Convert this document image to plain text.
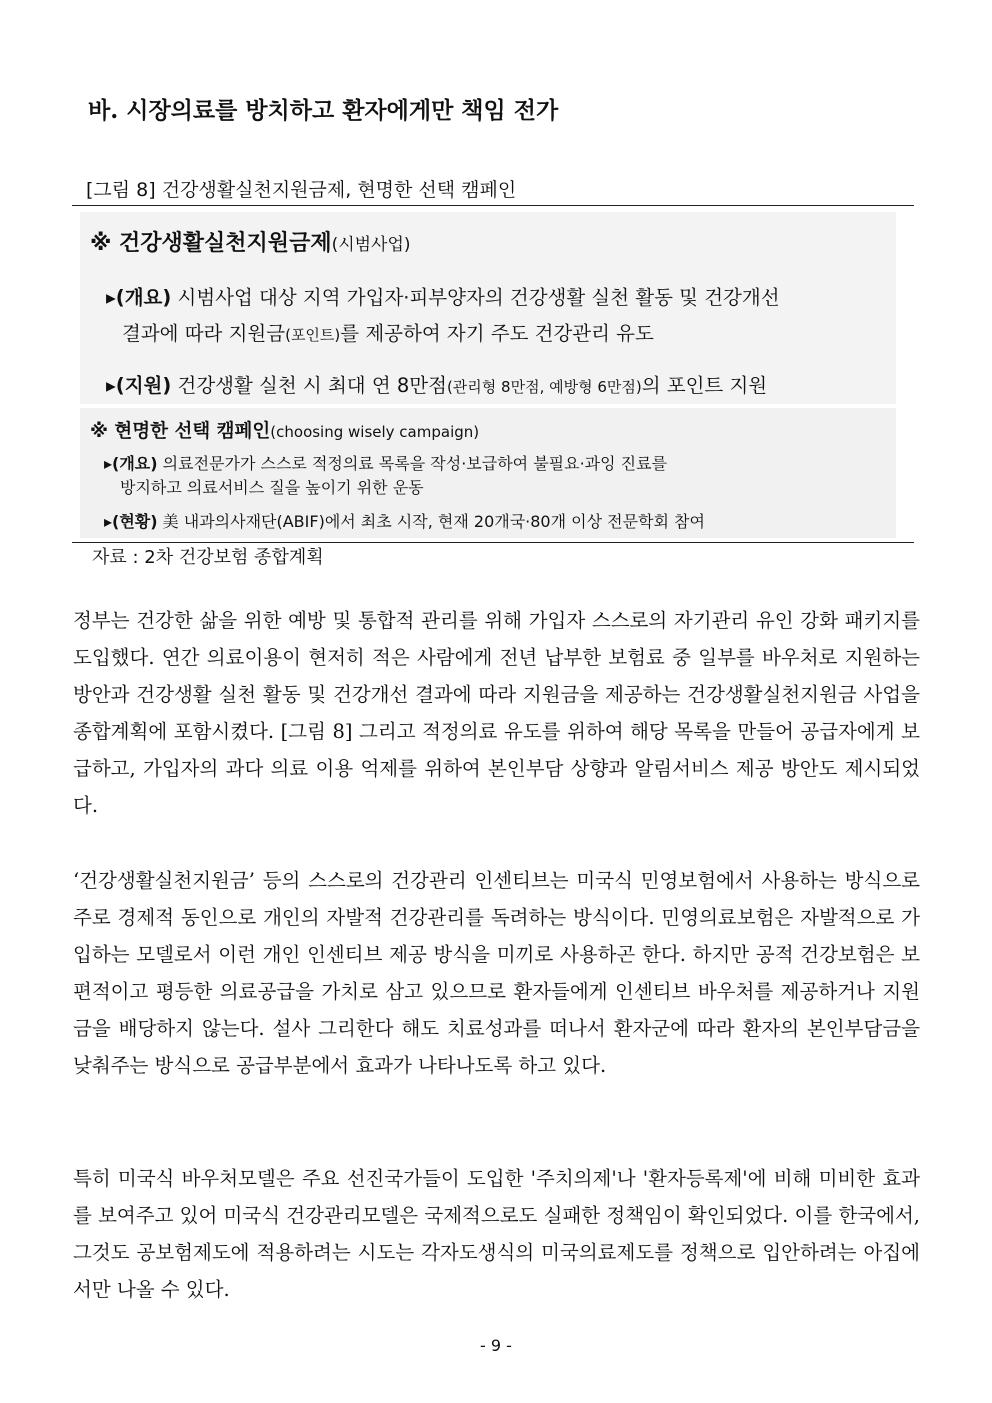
바. 시장의료를 방치하고 환자에게만 책임 전가
[그림 8] 건강생활실천지원금제, 현명한 선택 캠페인
※ 건강생활실천지원금제(시범사업)
▸(개요) 시범사업 대상 지역 가입자·피부양자의 건강생활 실천 활동 및 건강개선
결과에 따라 지원금(포인트)를 제공하여 자기 주도 건강관리 유도
▸(지원) 건강생활 실천 시 최대 연 8만점(관리형 8만점, 예방형 6만점)의 포인트 지원
※ 현명한 선택 캠페인(choosing wisely campaign)
▸(개요) 의료전문가가 스스로 적정의료 목록을 작성·보급하여 불필요·과잉 진료를
방지하고 의료서비스 질을 높이기 위한 운동
▸(현황) 美 내과의사재단(ABIF)에서 최초 시작, 현재 20개국·80개 이상 전문학회 참여
자료 : 2차 건강보험 종합계획

정부는 건강한 삶을 위한 예방 및 통합적 관리를 위해 가입자 스스로의 자기관리 유인 강화 패키지를 도입했다. 연간 의료이용이 현저히 적은 사람에게 전년 납부한 보험료 중 일부를 바우처로 지원하는 방안과 건강생활 실천 활동 및 건강개선 결과에 따라 지원금을 제공하는 건강생활실천지원금 사업을 종합계획에 포함시켰다. [그림 8] 그리고 적정의료 유도를 위하여 해당 목록을 만들어 공급자에게 보급하고, 가입자의 과다 의료 이용 억제를 위하여 본인부담 상향과 알림서비스 제공 방안도 제시되었다.

‘건강생활실천지원금’ 등의 스스로의 건강관리 인센티브는 미국식 민영보험에서 사용하는 방식으로 주로 경제적 동인으로 개인의 자발적 건강관리를 독려하는 방식이다. 민영의료보험은 자발적으로 가입하는 모델로서 이런 개인 인센티브 제공 방식을 미끼로 사용하곤 한다. 하지만 공적 건강보험은 보편적이고 평등한 의료공급을 가치로 삼고 있으므로 환자들에게 인센티브 바우처를 제공하거나 지원금을 배당하지 않는다. 설사 그리한다 해도 치료성과를 떠나서 환자군에 따라 환자의 본인부담금을 낮춰주는 방식으로 공급부분에서 효과가 나타나도록 하고 있다.

특히 미국식 바우처모델은 주요 선진국가들이 도입한 '주치의제'나 '환자등록제'에 비해 미비한 효과를 보여주고 있어 미국식 건강관리모델은 국제적으로도 실패한 정책임이 확인되었다. 이를 한국에서, 그것도 공보험제도에 적용하려는 시도는 각자도생식의 미국의료제도를 정책으로 입안하려는 아집에서만 나올 수 있다.

- 9 -
